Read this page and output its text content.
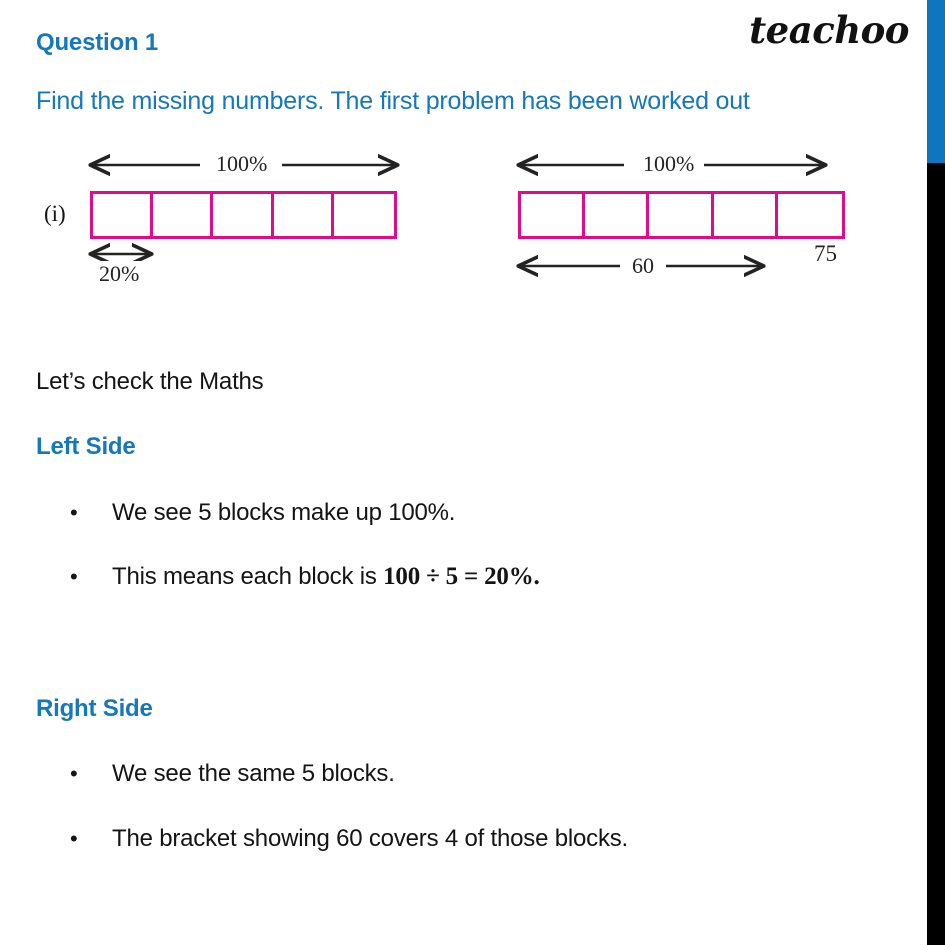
teachoo
Question 1
Find the missing numbers. The first problem has been worked out
(i)
100%
20%
100%
60	75
Let’s check the Maths
Left Side
•	We see 5 blocks make up 100%.
•	This means each block is 100 ÷ 5 = 20%.
Right Side
•	We see the same 5 blocks.
•	The bracket showing 60 covers 4 of those blocks.
